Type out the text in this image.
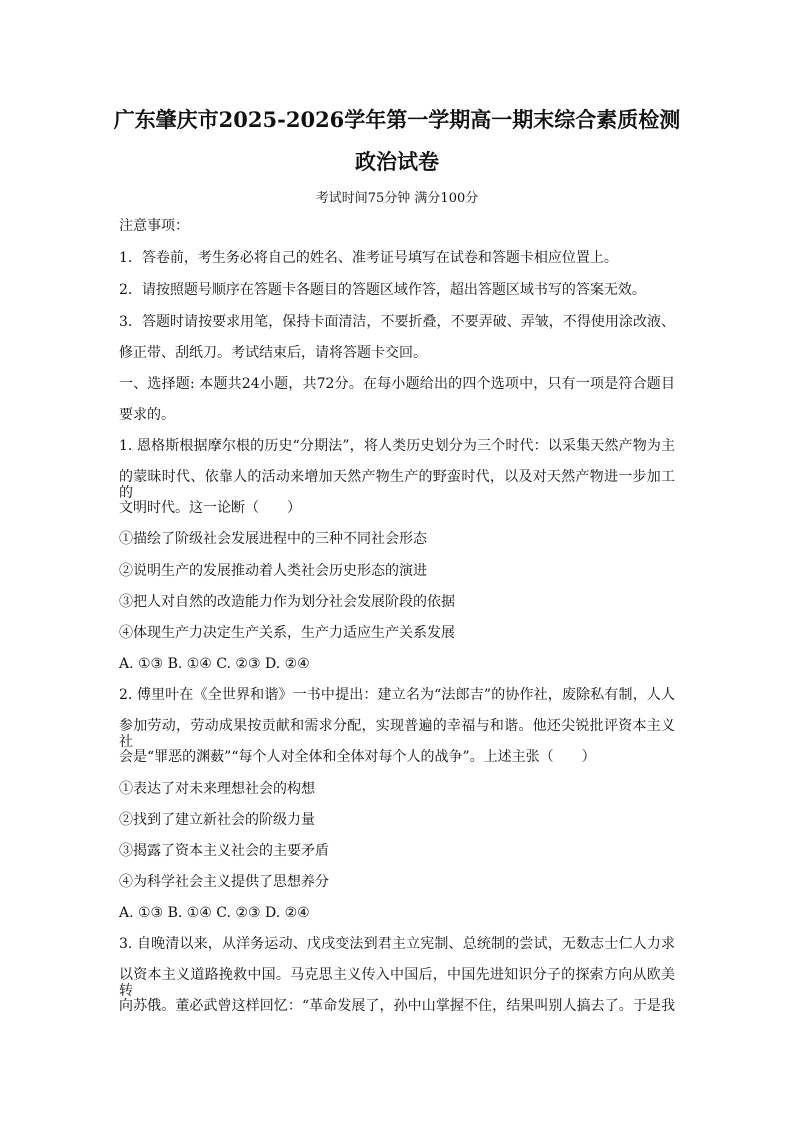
广东肇庆市2025-2026学年第一学期高一期末综合素质检测
政治试卷
考试时间75分钟 满分100分
注意事项：
1．答卷前，考生务必将自己的姓名、准考证号填写在试卷和答题卡相应位置上。
2．请按照题号顺序在答题卡各题目的答题区域作答，超出答题区域书写的答案无效。
3．答题时请按要求用笔，保持卡面清洁，不要折叠，不要弄破、弄皱，不得使用涂改液、
修正带、刮纸刀。考试结束后，请将答题卡交回。
一、选择题: 本题共24小题，共72分。在每小题给出的四个选项中，只有一项是符合题目
要求的。
1. 恩格斯根据摩尔根的历史“分期法”，将人类历史划分为三个时代：以采集天然产物为主
的蒙昧时代、依靠人的活动来增加天然产物生产的野蛮时代，以及对天然产物进一步加工的
文明时代。这一论断（　　）
①描绘了阶级社会发展进程中的三种不同社会形态
②说明生产的发展推动着人类社会历史形态的演进
③把人对自然的改造能力作为划分社会发展阶段的依据
④体现生产力决定生产关系，生产力适应生产关系发展
A. ①③ B. ①④ C. ②③ D. ②④
2. 傅里叶在《全世界和谐》一书中提出：建立名为“法郎吉”的协作社，废除私有制，人人
参加劳动，劳动成果按贡献和需求分配，实现普遍的幸福与和谐。他还尖锐批评资本主义社
会是“罪恶的渊薮”“每个人对全体和全体对每个人的战争”。上述主张（　　）
①表达了对未来理想社会的构想
②找到了建立新社会的阶级力量
③揭露了资本主义社会的主要矛盾
④为科学社会主义提供了思想养分
A. ①③ B. ①④ C. ②③ D. ②④
3. 自晚清以来，从洋务运动、戊戌变法到君主立宪制、总统制的尝试，无数志士仁人力求
以资本主义道路挽救中国。马克思主义传入中国后，中国先进知识分子的探索方向从欧美转
向苏俄。董必武曾这样回忆：“革命发展了，孙中山掌握不住，结果叫别人搞去了。于是我
